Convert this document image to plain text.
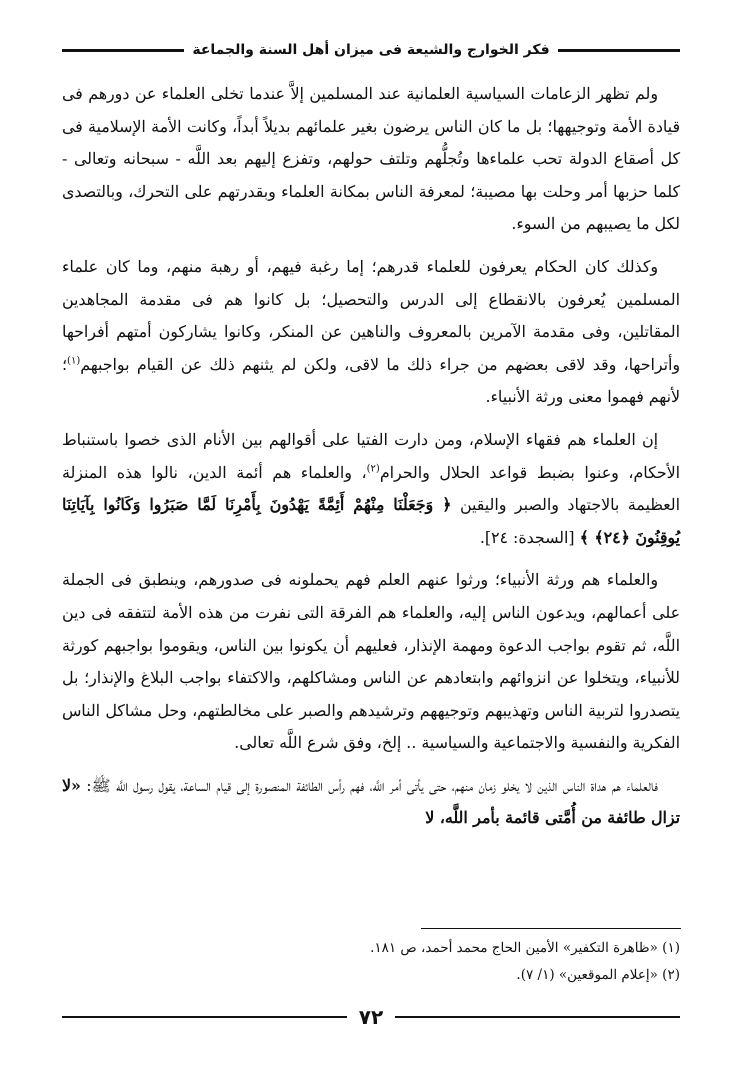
فكر الخوارج والشيعة فى ميزان أهل السنة والجماعة

ولم تظهر الزعامات السياسية العلمانية عند المسلمين إلاَّ عندما تخلى العلماء عن دورهم فى قيادة الأمة وتوجيهها؛ بل ما كان الناس يرضون بغير علمائهم بديلاً أبداً، وكانت الأمة الإسلامية فى كل أصقاع الدولة تحب علماءها وتُجلُّهم وتلتف حولهم، وتفزع إليهم بعد اللَّه - سبحانه وتعالى - كلما حزبها أمر وحلت بها مصيبة؛ لمعرفة الناس بمكانة العلماء وبقدرتهم على التحرك، وبالتصدى لكل ما يصيبهم من السوء.

وكذلك كان الحكام يعرفون للعلماء قدرهم؛ إما رغبة فيهم، أو رهبة منهم، وما كان علماء المسلمين يُعرفون بالانقطاع إلى الدرس والتحصيل؛ بل كانوا هم فى مقدمة المجاهدين المقاتلين، وفى مقدمة الآمرين بالمعروف والناهين عن المنكر، وكانوا يشاركون أمتهم أفراحها وأتراحها، وقد لاقى بعضهم من جراء ذلك ما لاقى، ولكن لم يثنهم ذلك عن القيام بواجبهم$^{(١)}$؛ لأنهم فهموا معنى ورثة الأنبياء.

إن العلماء هم فقهاء الإسلام، ومن دارت الفتيا على أقوالهم بين الأنام الذى خصوا باستنباط الأحكام، وعنوا بضبط قواعد الحلال والحرام$^{(٢)}$، والعلماء هم أئمة الدين، نالوا هذه المنزلة العظيمة بالاجتهاد والصبر واليقين ﴿ وَجَعَلْنَا مِنْهُمْ أَئِمَّةً يَهْدُونَ بِأَمْرِنَا لَمَّا صَبَرُوا وَكَانُوا بِآيَاتِنَا يُوقِنُونَ ﴿٢٤﴾ ﴾ [السجدة: ٢٤].

والعلماء هم ورثة الأنبياء؛ ورثوا عنهم العلم فهم يحملونه فى صدورهم، وينطبق فى الجملة على أعمالهم، ويدعون الناس إليه، والعلماء هم الفرقة التى نفرت من هذه الأمة لتتفقه فى دين اللَّه، ثم تقوم بواجب الدعوة ومهمة الإنذار، فعليهم أن يكونوا بين الناس، ويقوموا بواجبهم كورثة للأنبياء، ويتخلوا عن انزوائهم وابتعادهم عن الناس ومشاكلهم، والاكتفاء بواجب البلاغ والإنذار؛ بل يتصدروا لتربية الناس وتهذيبهم وتوجيههم وترشيدهم والصبر على مخالطتهم، وحل مشاكل الناس الفكرية والنفسية والاجتماعية والسياسية .. إلخ، وفق شرع اللَّه تعالى.

فالعلماء هم هداة الناس الذين لا يخلو زمان منهم، حتى يأتى أمر اللَّه، فهم رأس الطائفة المنصورة إلى قيام الساعة، يقول رسول اللَّه ﷺ: «لا تزال طائفة من أُمَّتى قائمة بأمر اللَّه، لا

(١) «ظاهرة التكفير» الأمين الحاج محمد أحمد، ص ١٨١.
(٢) «إعلام الموقعين» (١/ ٧).
٧٢
